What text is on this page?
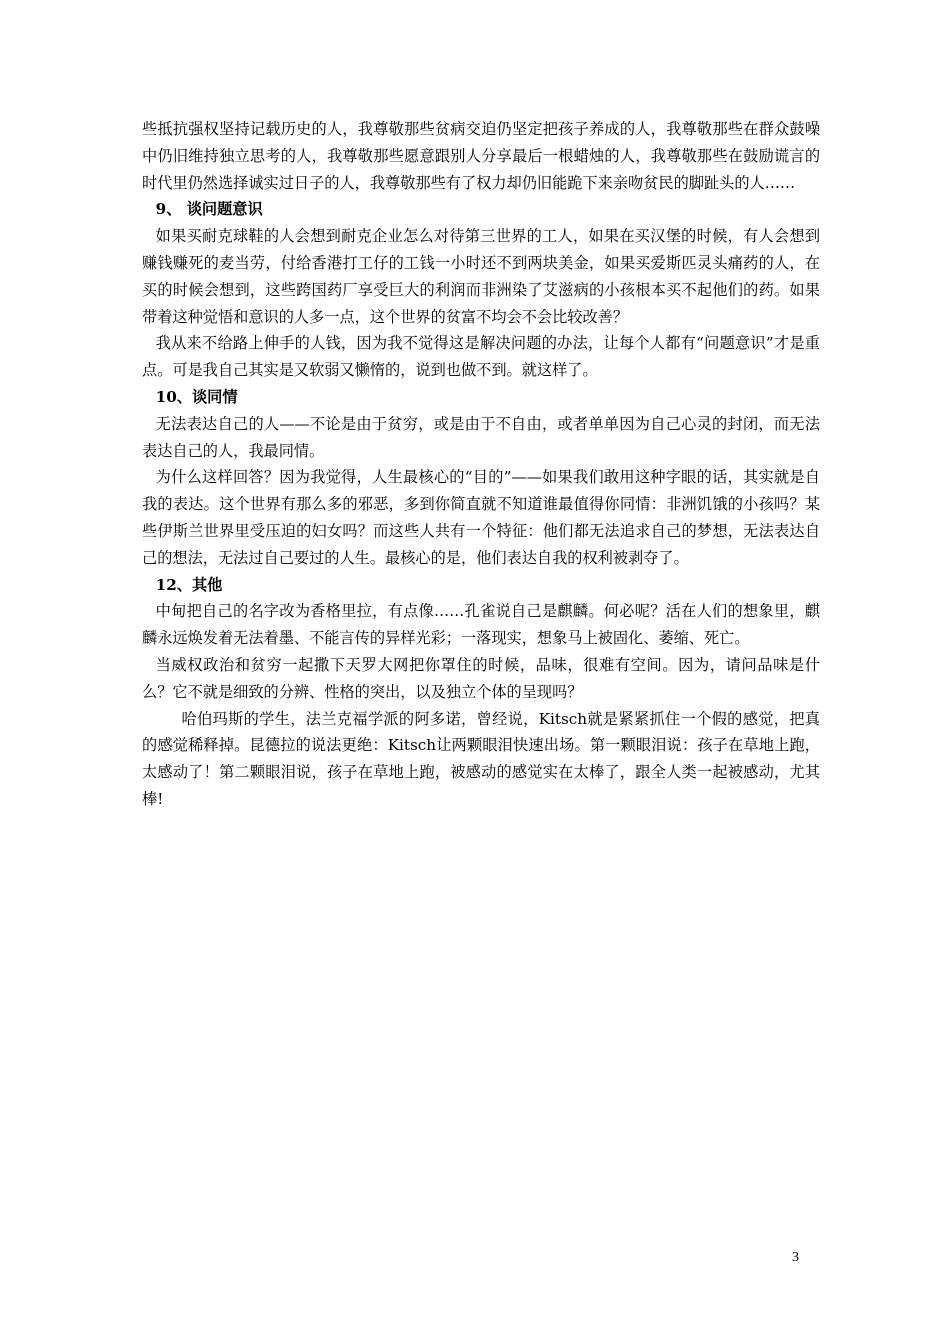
些抵抗强权坚持记载历史的人，我尊敬那些贫病交迫仍坚定把孩子养成的人，我尊敬那些在群众鼓噪中仍旧维持独立思考的人，我尊敬那些愿意跟别人分享最后一根蜡烛的人，我尊敬那些在鼓励谎言的时代里仍然选择诚实过日子的人，我尊敬那些有了权力却仍旧能跪下来亲吻贫民的脚趾头的人……

9、 谈问题意识

如果买耐克球鞋的人会想到耐克企业怎么对待第三世界的工人，如果在买汉堡的时候，有人会想到赚钱赚死的麦当劳，付给香港打工仔的工钱一小时还不到两块美金，如果买爱斯匹灵头痛药的人，在买的时候会想到，这些跨国药厂享受巨大的利润而非洲染了艾滋病的小孩根本买不起他们的药。如果带着这种觉悟和意识的人多一点，这个世界的贫富不均会不会比较改善？

我从来不给路上伸手的人钱，因为我不觉得这是解决问题的办法，让每个人都有“问题意识”才是重点。可是我自己其实是又软弱又懒惰的，说到也做不到。就这样了。

10、谈同情

无法表达自己的人——不论是由于贫穷，或是由于不自由，或者单单因为自己心灵的封闭，而无法表达自己的人，我最同情。

为什么这样回答？因为我觉得，人生最核心的“目的”——如果我们敢用这种字眼的话，其实就是自我的表达。这个世界有那么多的邪恶，多到你简直就不知道谁最值得你同情：非洲饥饿的小孩吗？某些伊斯兰世界里受压迫的妇女吗？而这些人共有一个特征：他们都无法追求自己的梦想，无法表达自己的想法，无法过自己要过的人生。最核心的是，他们表达自我的权利被剥夺了。

12、其他

中甸把自己的名字改为香格里拉，有点像……孔雀说自己是麒麟。何必呢？活在人们的想象里，麒麟永远焕发着无法着墨、不能言传的异样光彩；一落现实，想象马上被固化、萎缩、死亡。

当威权政治和贫穷一起撒下天罗大网把你罩住的时候，品味，很难有空间。因为，请问品味是什么？它不就是细致的分辨、性格的突出，以及独立个体的呈现吗？

哈伯玛斯的学生，法兰克福学派的阿多诺，曾经说，Kitsch就是紧紧抓住一个假的感觉，把真的感觉稀释掉。昆德拉的说法更绝：Kitsch让两颗眼泪快速出场。第一颗眼泪说：孩子在草地上跑，太感动了！第二颗眼泪说，孩子在草地上跑，被感动的感觉实在太棒了，跟全人类一起被感动，尤其棒!

3
